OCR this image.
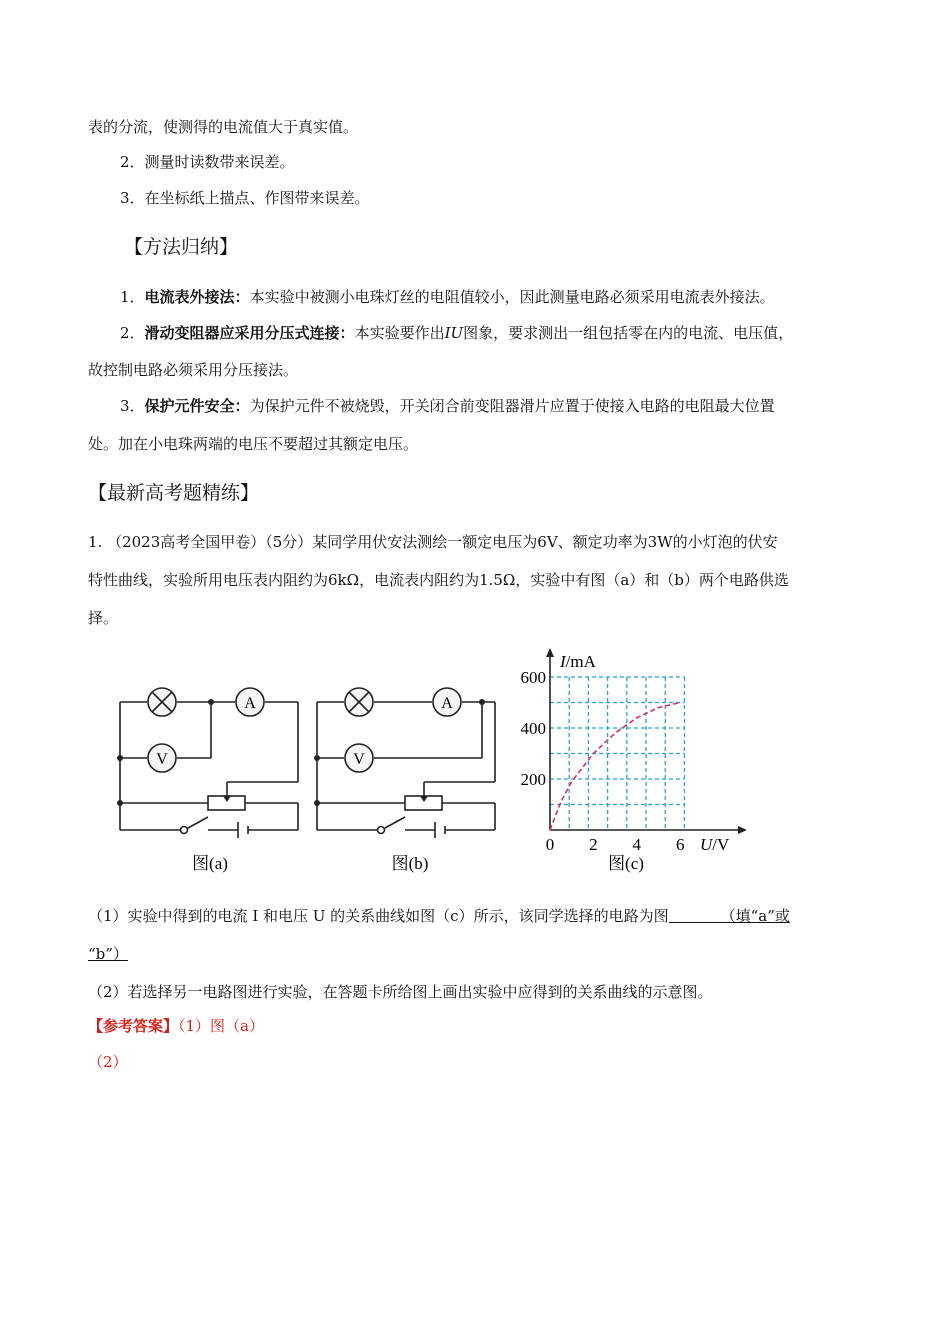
表的分流，使测得的电流值大于真实值。
2．测量时读数带来误差。
3．在坐标纸上描点、作图带来误差。
【方法归纳】
1．电流表外接法：本实验中被测小电珠灯丝的电阻值较小，因此测量电路必须采用电流表外接法。
2．滑动变阻器应采用分压式连接：本实验要作出IU图象，要求测出一组包括零在内的电流、电压值，
故控制电路必须采用分压接法。
3．保护元件安全：为保护元件不被烧毁，开关闭合前变阻器滑片应置于使接入电路的电阻最大位置
处。加在小电珠两端的电压不要超过其额定电压。
【最新高考题精练】
1. （2023高考全国甲卷）（5分）某同学用伏安法测绘一额定电压为6V、额定功率为3W的小灯泡的伏安
特性曲线，实验所用电压表内阻约为6kΩ，电流表内阻约为1.5Ω，实验中有图（a）和（b）两个电路供选
择。
A
V
图(a)
A
V
图(b)
600
400
200
0 2 4 6
I/mA
U/V
图(c)
（1）实验中得到的电流 I 和电压 U 的关系曲线如图（c）所示，该同学选择的电路为图	（填“a”或
“b”）
（2）若选择另一电路图进行实验，在答题卡所给图上画出实验中应得到的关系曲线的示意图。
【参考答案】（1）图（a）
（2）
